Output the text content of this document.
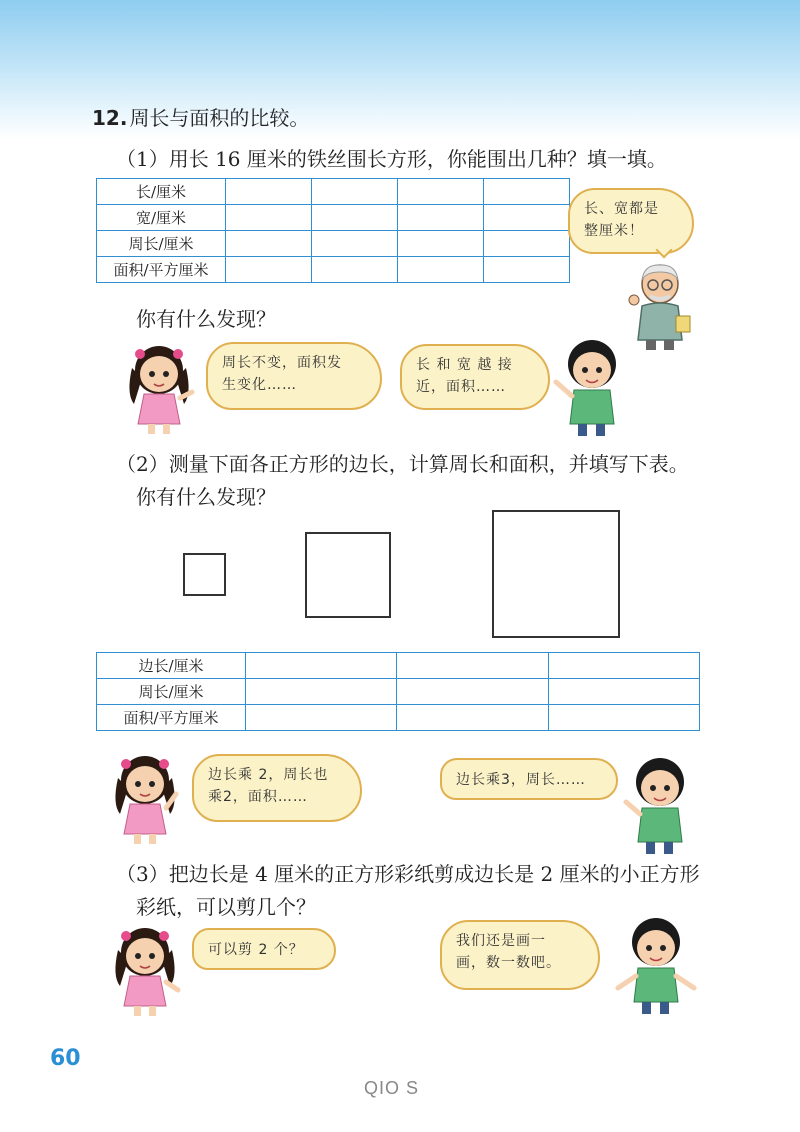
12. 周长与面积的比较。
（1）用长 16 厘米的铁丝围长方形，你能围出几种？填一填。
长/厘米				
宽/厘米				
周长/厘米				
面积/平方厘米				
长、宽都是
整厘米！
你有什么发现？
周长不变，面积发
生变化……
长 和 宽 越 接
近，面积……
（2）测量下面各正方形的边长，计算周长和面积，并填写下表。
你有什么发现？
边长/厘米			
周长/厘米			
面积/平方厘米			
边长乘 2，周长也
乘2，面积……
边长乘3，周长……
（3）把边长是 4 厘米的正方形彩纸剪成边长是 2 厘米的小正方形
彩纸，可以剪几个？
可以剪 2 个？
我们还是画一
画，数一数吧。
60
QIO S
